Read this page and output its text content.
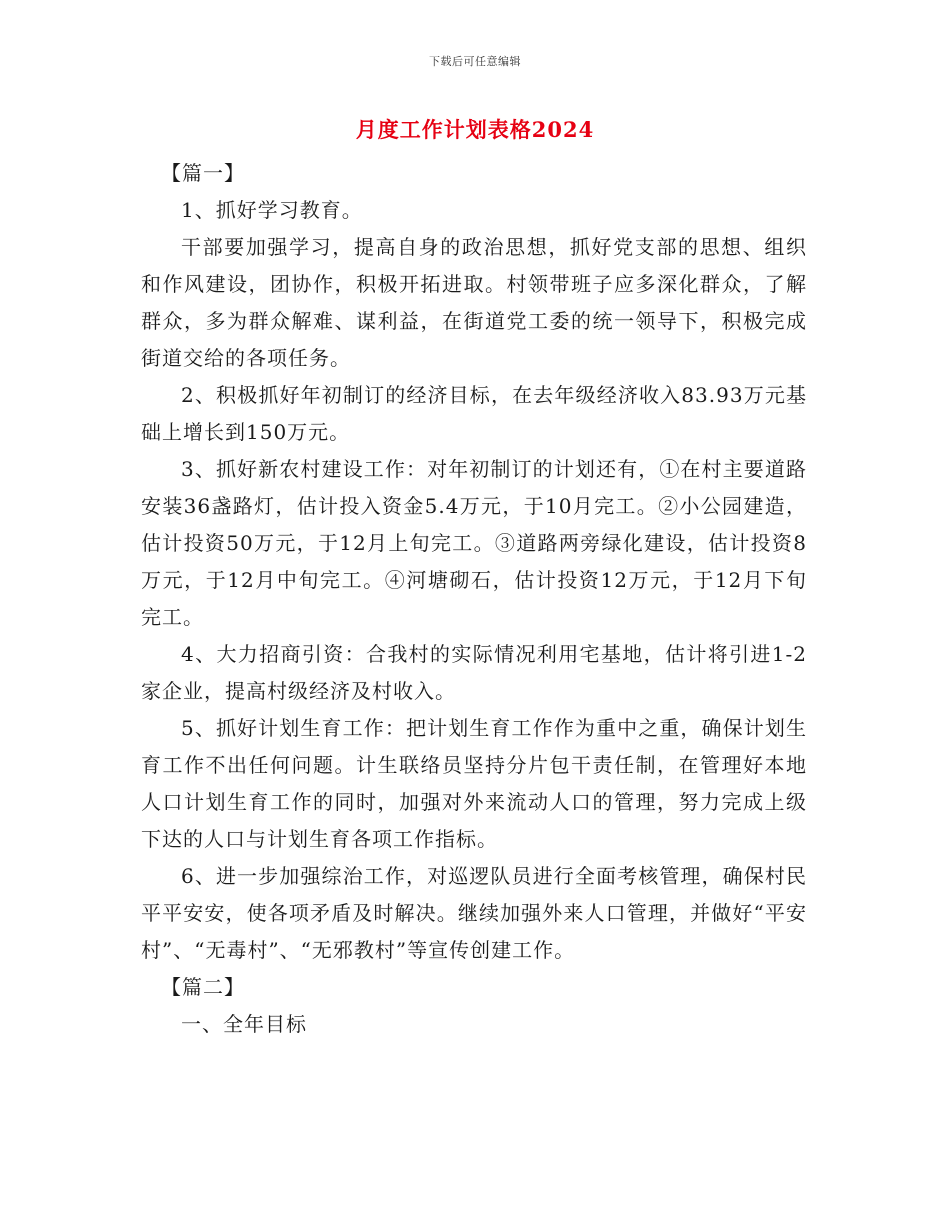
下载后可任意编辑
月度工作计划表格2024

【篇一】

1、抓好学习教育。

干部要加强学习，提高自身的政治思想，抓好党支部的思想、组织和作风建设，团协作，积极开拓进取。村领带班子应多深化群众，了解群众，多为群众解难、谋利益，在街道党工委的统一领导下，积极完成街道交给的各项任务。

2、积极抓好年初制订的经济目标，在去年级经济收入83.93万元基础上增长到150万元。

3、抓好新农村建设工作：对年初制订的计划还有，①在村主要道路安装36盏路灯，估计投入资金5.4万元，于10月完工。②小公园建造，估计投资50万元，于12月上旬完工。③道路两旁绿化建设，估计投资8万元，于12月中旬完工。④河塘砌石，估计投资12万元，于12月下旬完工。

4、大力招商引资：合我村的实际情况利用宅基地，估计将引进1-2家企业，提高村级经济及村收入。

5、抓好计划生育工作：把计划生育工作作为重中之重，确保计划生育工作不出任何问题。计生联络员坚持分片包干责任制，在管理好本地人口计划生育工作的同时，加强对外来流动人口的管理，努力完成上级下达的人口与计划生育各项工作指标。

6、进一步加强综治工作，对巡逻队员进行全面考核管理，确保村民平平安安，使各项矛盾及时解决。继续加强外来人口管理，并做好“平安村”、“无毒村”、“无邪教村”等宣传创建工作。

【篇二】

一、全年目标
